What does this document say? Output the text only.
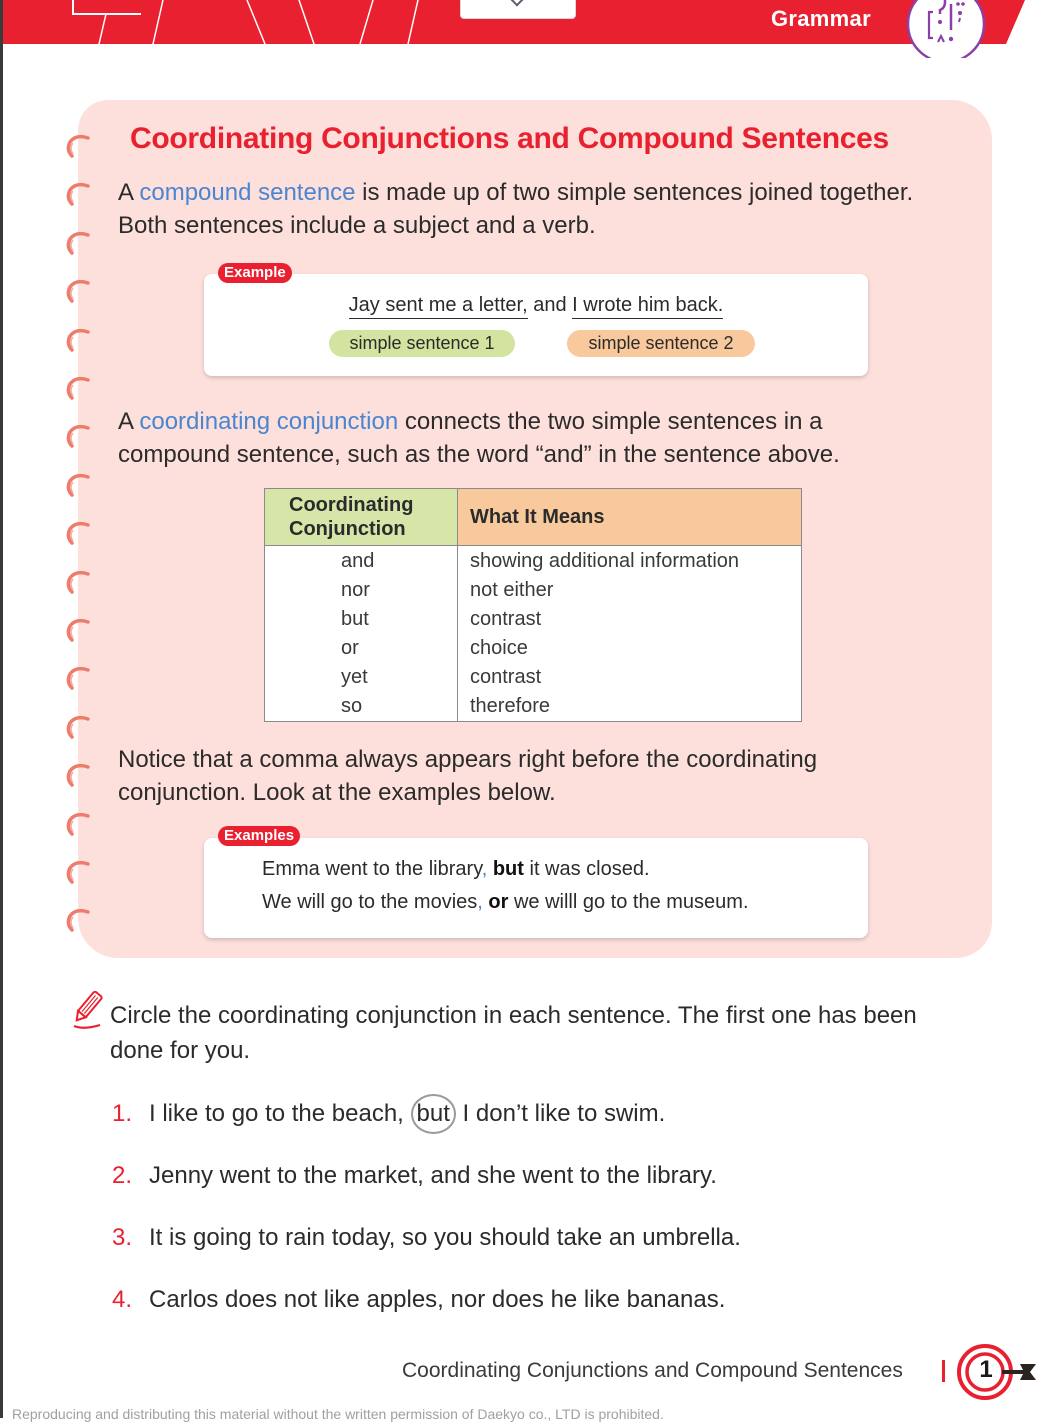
Grammar
Coordinating Conjunctions and Compound Sentences
A compound sentence is made up of two simple sentences joined together. Both sentences include a subject and a verb.
Jay sent me a letter, and I wrote him back.
simple sentence 1	simple sentence 2
Example
A coordinating conjunction connects the two simple sentences in a compound sentence, such as the word “and” in the sentence above.
Coordinating Conjunction	What It Means
and	showing additional information
nor	not either
but	contrast
or	choice
yet	contrast
so	therefore
Notice that a comma always appears right before the coordinating conjunction. Look at the examples below.
Emma went to the library, but it was closed.
We will go to the movies, or we willl go to the museum.
Examples
Circle the coordinating conjunction in each sentence. The first one has been done for you.
1. I like to go to the beach, but I don’t like to swim.
2. Jenny went to the market, and she went to the library.
3. It is going to rain today, so you should take an umbrella.
4. Carlos does not like apples, nor does he like bananas.
Coordinating Conjunctions and Compound Sentences	1
Reproducing and distributing this material without the written permission of Daekyo co., LTD is prohibited.
